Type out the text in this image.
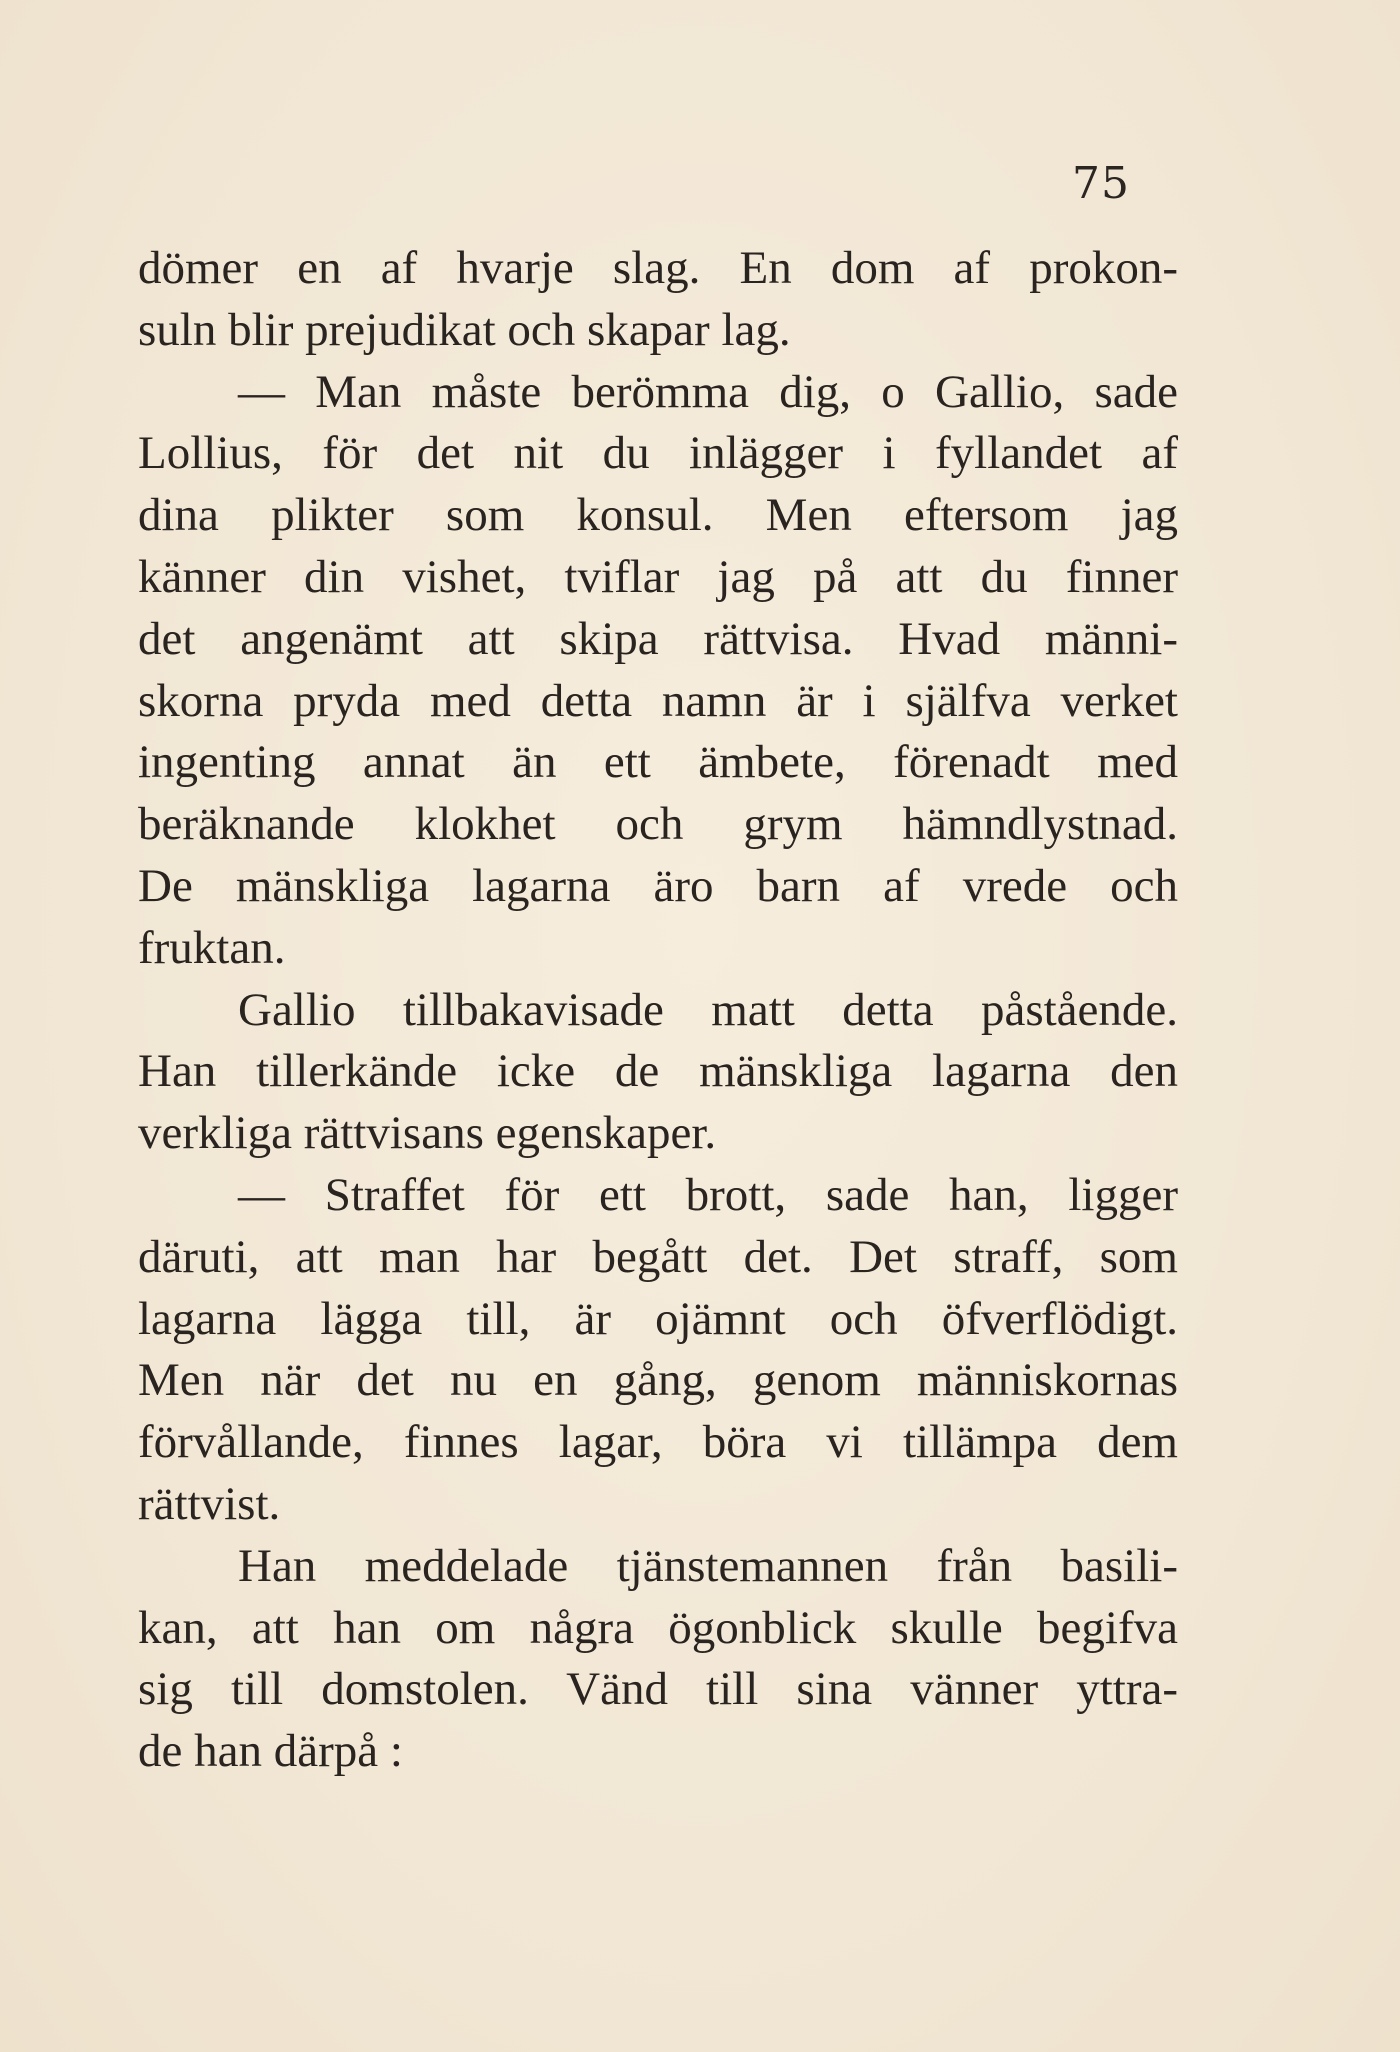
75
dömer en af hvarje slag. En dom af prokon-
suln blir prejudikat och skapar lag.
— Man måste berömma dig, o Gallio, sade
Lollius, för det nit du inlägger i fyllandet af
dina plikter som konsul. Men eftersom jag
känner din vishet, tviflar jag på att du finner
det angenämt att skipa rättvisa. Hvad männi-
skorna pryda med detta namn är i själfva verket
ingenting annat än ett ämbete, förenadt med
beräknande klokhet och grym hämndlystnad.
De mänskliga lagarna äro barn af vrede och
fruktan.
Gallio tillbakavisade matt detta påstående.
Han tillerkände icke de mänskliga lagarna den
verkliga rättvisans egenskaper.
— Straffet för ett brott, sade han, ligger
däruti, att man har begått det. Det straff, som
lagarna lägga till, är ojämnt och öfverflödigt.
Men när det nu en gång, genom människornas
förvållande, finnes lagar, böra vi tillämpa dem
rättvist.
Han meddelade tjänstemannen från basili-
kan, att han om några ögonblick skulle begifva
sig till domstolen. Vänd till sina vänner yttra-
de han därpå :
